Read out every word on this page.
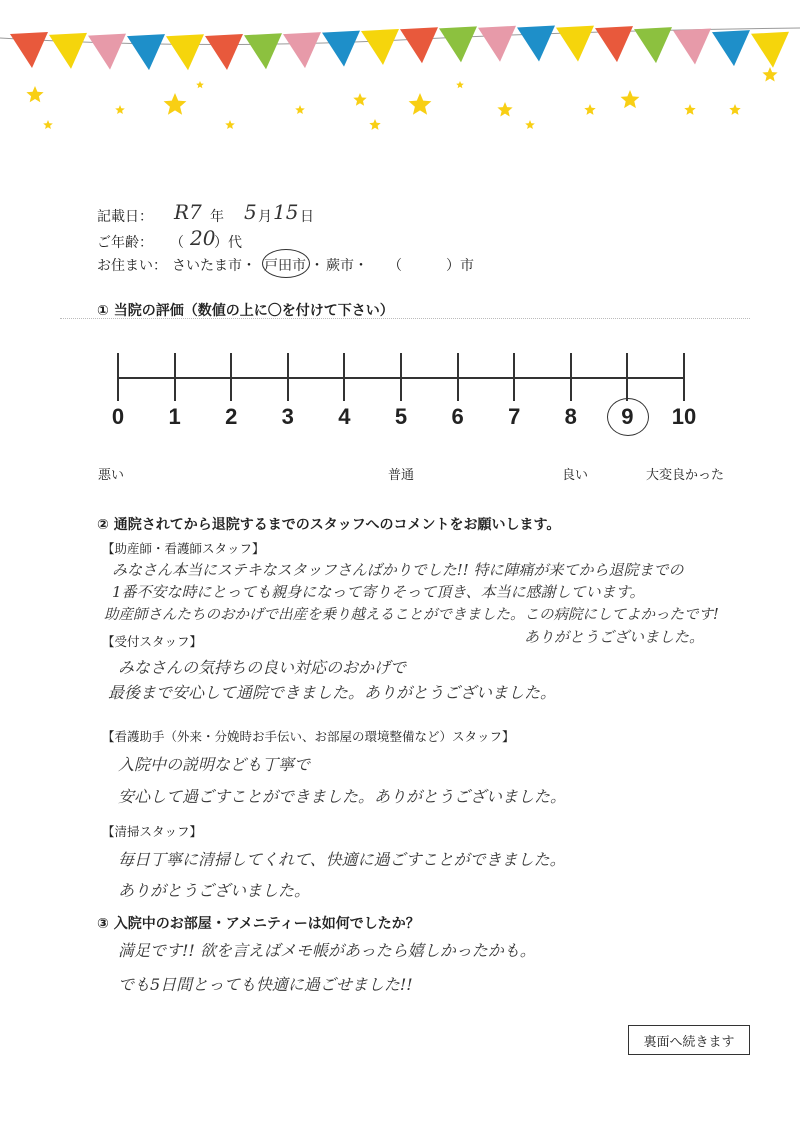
記載日： R7 年 5 月 15 日
ご年齢： （ 20
）代
お住まい： さいたま市・ 戸田市 ・ 蕨市・ （	）市
① 当院の評価（数値の上に〇を付けて下さい）
0	1	2	3	4	5	6	7	8	9	10
悪い	普通	良い	大変良かった
② 通院されてから退院するまでのスタッフへのコメントをお願いします。
【助産師・看護師スタッフ】
みなさん本当にステキなスタッフさんばかりでした!! 特に陣痛が来てから退院までの
1番不安な時にとっても親身になって寄りそって頂き、本当に感謝しています。
助産師さんたちのおかげで出産を乗り越えることができました。この病院にしてよかったです!
ありがとうございました。
【受付スタッフ】
みなさんの気持ちの良い対応のおかげで
最後まで安心して通院できました。ありがとうございました。
【看護助手（外来・分娩時お手伝い、お部屋の環境整備など）スタッフ】
入院中の説明なども丁寧で
安心して過ごすことができました。ありがとうございました。
【清掃スタッフ】
毎日丁寧に清掃してくれて、快適に過ごすことができました。
ありがとうございました。
③ 入院中のお部屋・アメニティーは如何でしたか？
満足です!! 欲を言えばメモ帳があったら嬉しかったかも。
でも5日間とっても快適に過ごせました!!
裏面へ続きます
